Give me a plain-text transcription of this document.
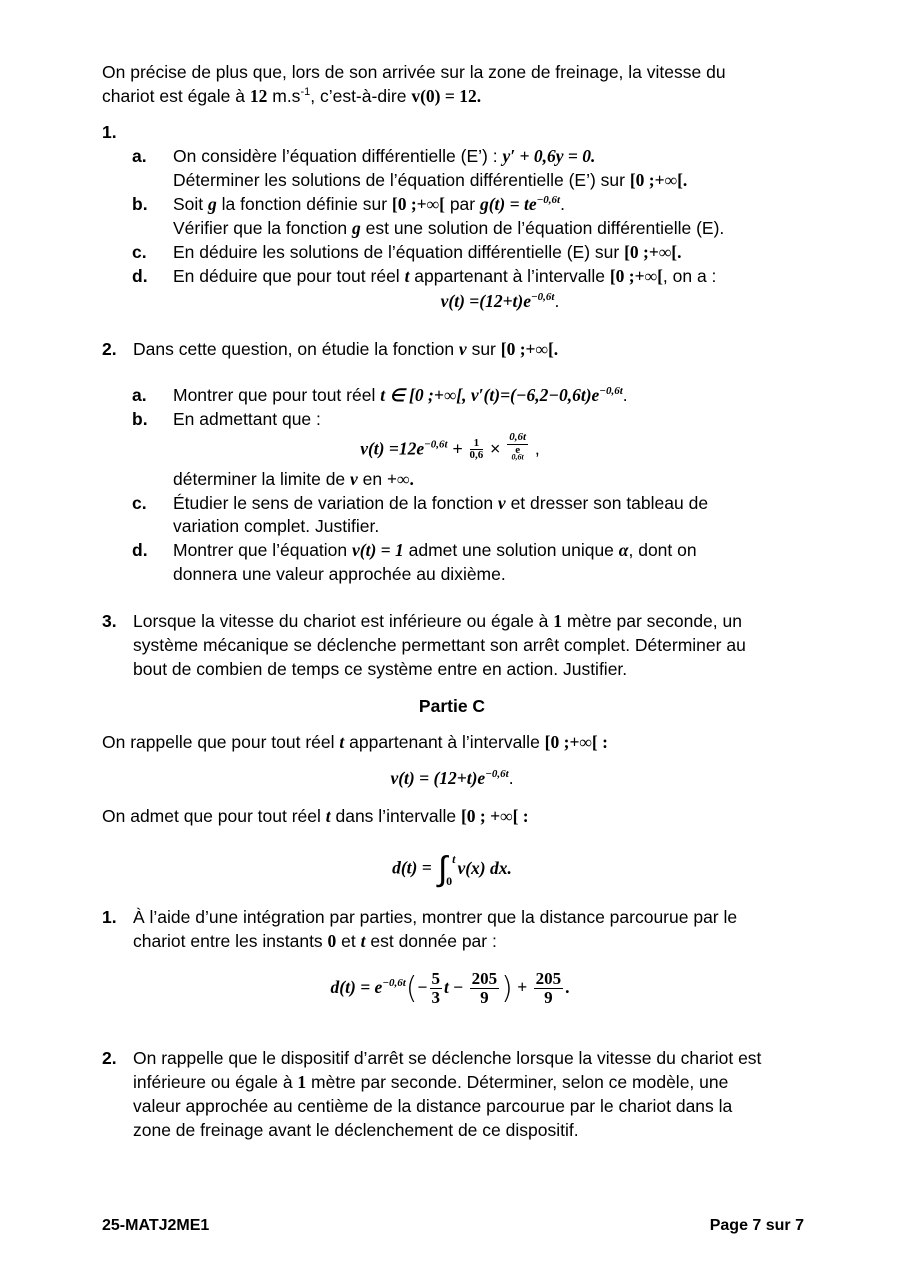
On précise de plus que, lors de son arrivée sur la zone de freinage, la vitesse du
chariot est égale à 12 $m.s^{-1}$, c’est-à-dire v(0) = 12.
1.
a.	On considère l’équation différentielle (E’) : y′ + 0,6y = 0.
Déterminer les solutions de l’équation différentielle (E’) sur [0 ;+∞[.
b.	Soit g la fonction définie sur [0 ;+∞[ par $g(t) = te^{-0,6t}$.
Vérifier que la fonction g est une solution de l’équation différentielle (E).
c.	En déduire les solutions de l’équation différentielle (E) sur [0 ;+∞[.
d.	En déduire que pour tout réel t appartenant à l’intervalle [0 ;+∞[, on a :
$v(t) =(12+t)e^{-0,6t}$.
2. Dans cette question, on étudie la fonction v sur [0 ;+∞[.
a.	Montrer que pour tout réel t ∈ [0 ;+∞[, $v'(t)=(-6,2-0,6t)e^{-0,6t}$.
b.	En admettant que :
$v(t) =12e^{-0,6t} + \frac{1}{0,6} \times 0,6t$
e
$^{0,6t}$ ,
déterminer la limite de v en +∞.
c.	Étudier le sens de variation de la fonction v et dresser son tableau de
variation complet. Justifier.
d.	Montrer que l’équation v(t) = 1 admet une solution unique α, dont on
donnera une valeur approchée au dixième.
3. Lorsque la vitesse du chariot est inférieure ou égale à 1 mètre par seconde, un
système mécanique se déclenche permettant son arrêt complet. Déterminer au
bout de combien de temps ce système entre en action. Justifier.
Partie C
On rappelle que pour tout réel t appartenant à l’intervalle [0 ;+∞[ :
$v(t) = (12+t)e^{-0,6t}$.
On admet que pour tout réel t dans l’intervalle [0 ; +∞[ :
d(t) = ∫ t
0
v(x) dx.
1. À l’aide d’une intégration par parties, montrer que la distance parcourue par le
chariot entre les instants 0 et t est donnée par :
$d(t) = e^{-0,6t}(- \frac{5}{3}$ $t - \frac{205}{9}$ ) + $\frac{205}{9}$ .
2. On rappelle que le dispositif d’arrêt se déclenche lorsque la vitesse du chariot est
inférieure ou égale à 1 mètre par seconde. Déterminer, selon ce modèle, une
valeur approchée au centième de la distance parcourue par le chariot dans la
zone de freinage avant le déclenchement de ce dispositif.
25-MATJ2ME1	Page 7 sur 7
